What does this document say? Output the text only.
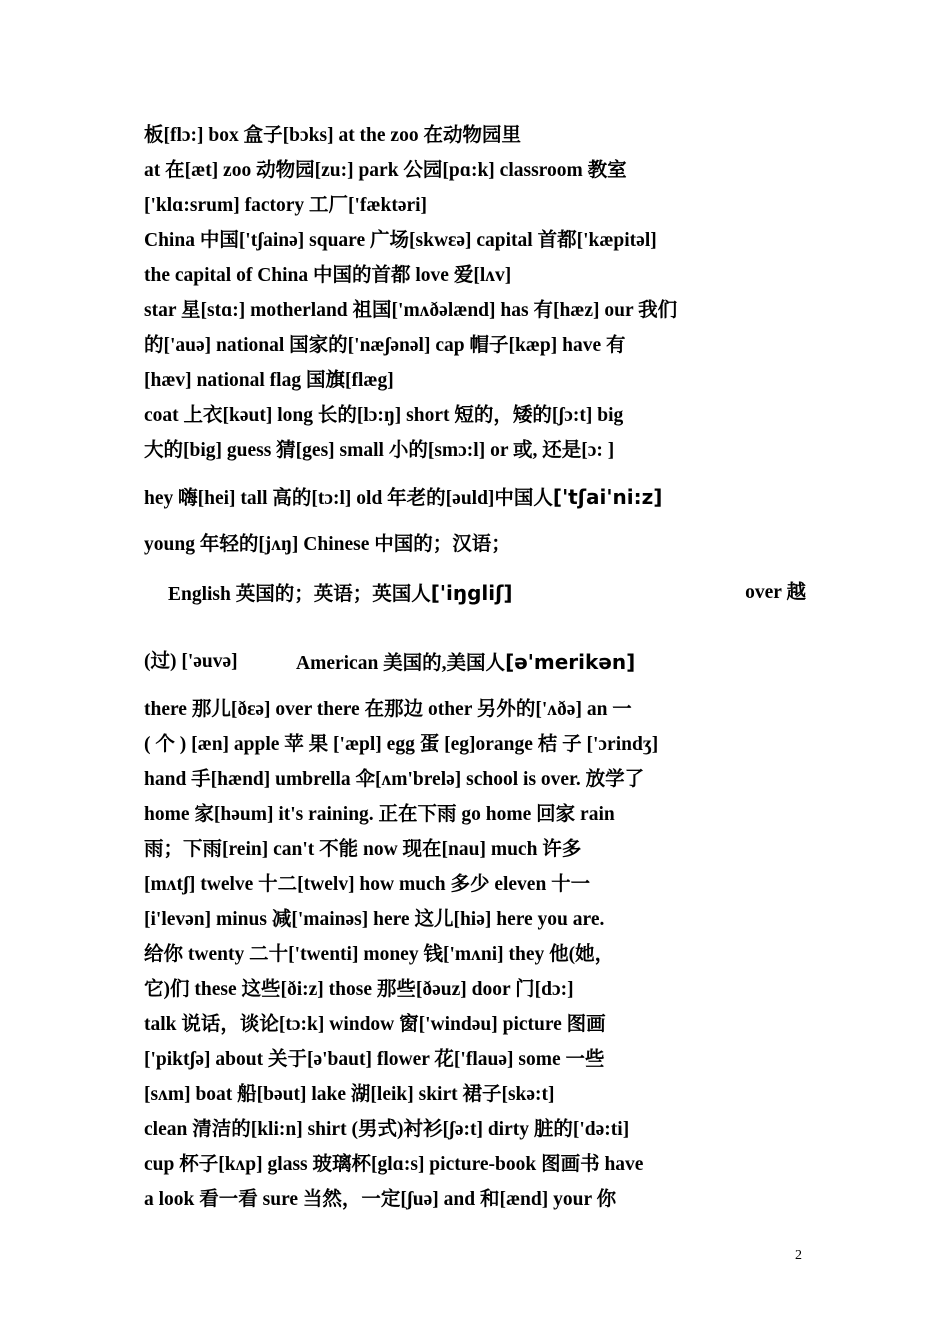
板[flɔ:] box 盒子[bɔks] at the zoo 在动物园里
at 在[æt] zoo 动物园[zu:] park 公园[pɑ:k] classroom 教室
['klɑ:srum] factory 工厂['fæktəri]
China 中国['tʃainə] square 广场[skwɛə] capital 首都['kæpitəl]
the capital of China 中国的首都 love 爱[lʌv]
star 星[stɑ:] motherland 祖国['mʌðəlænd] has 有[hæz] our 我们
的['auə] national 国家的['næʃənəl] cap 帽子[kæp] have 有
[hæv] national flag 国旗[flæg]
coat 上衣[kəut] long 长的[lɔ:ŋ] short 短的，矮的[ʃɔ:t] big
大的[big] guess 猜[ges] small 小的[smɔ:l] or 或, 还是[ɔ: ]
hey 嗨[hei] tall 高的[tɔ:l] old 年老的[əuld]中国人['tʃai'ni:z]
young 年轻的[jʌŋ] Chinese 中国的；汉语；
English 英国的；英语；英国人['iŋgliʃ]	over 越
(过) ['əuvə]	American 美国的,美国人[ə'merikən]
there 那儿[ðɛə] over there 在那边 other 另外的['ʌðə] an 一
( 个 ) [æn] apple 苹 果 ['æpl] egg 蛋 [eg]orange 桔 子 ['ɔrindʒ]
hand 手[hænd] umbrella 伞[ʌm'brelə] school is over. 放学了
home 家[həum] it's raining. 正在下雨 go home 回家 rain
雨；下雨[rein] can't 不能 now 现在[nau] much 许多
[mʌtʃ] twelve 十二[twelv] how much 多少 eleven 十一
[i'levən] minus 减['mainəs] here 这儿[hiə] here you are.
给你 twenty 二十['twenti] money 钱['mʌni] they 他(她，
它)们 these 这些[ði:z] those 那些[ðəuz] door 门[dɔ:]
talk 说话，谈论[tɔ:k] window 窗['windəu] picture 图画
['piktʃə] about 关于[ə'baut] flower 花['flauə] some 一些
[sʌm] boat 船[bəut] lake 湖[leik] skirt 裙子[skə:t]
clean 清洁的[kli:n] shirt (男式)衬衫[ʃə:t] dirty 脏的['də:ti]
cup 杯子[kʌp] glass 玻璃杯[glɑ:s] picture-book 图画书 have
a look 看一看 sure 当然，一定[ʃuə] and 和[ænd] your 你
2
